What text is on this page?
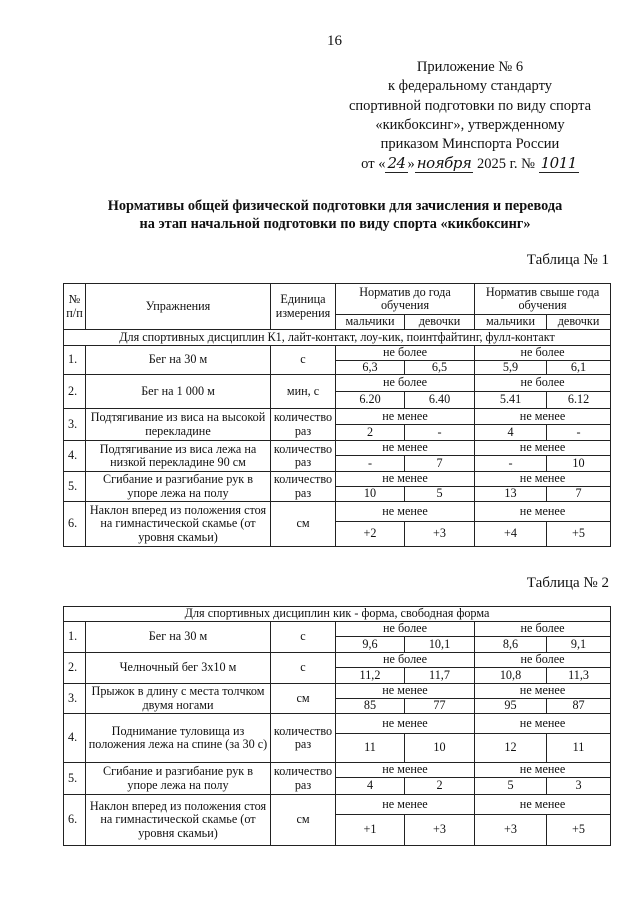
16
Приложение № 6
к федеральному стандарту
спортивной подготовки по виду спорта
«кикбоксинг», утвержденному
приказом Минспорта России
от « 24 » ноября 2025 г. № 1011
Нормативы общей физической подготовки для зачисления и перевода
на этап начальной подготовки по виду спорта «кикбоксинг»
Таблица № 1
№ п/п	Упражнения	Единица измерения	Норматив до года обучения		Норматив свыше года обучения	
			мальчики	девочки	мальчики	девочки
Для спортивных дисциплин К1, лайт-контакт, лоу-кик, поинтфайтинг, фулл-контакт						
1.	Бег на 30 м	с	не более		не более	
			6,3	6,5	5,9	6,1
2.	Бег на 1 000 м	мин, с	не более		не более	
			6.20	6.40	5.41	6.12
3.	Подтягивание из виса на высокой перекладине	количество раз	не менее		не менее	
			2	-	4	-
4.	Подтягивание из виса лежа на низкой перекладине 90 см	количество раз	не менее		не менее	
			-	7	-	10
5.	Сгибание и разгибание рук в упоре лежа на полу	количество раз	не менее		не менее	
			10	5	13	7
6.	Наклон вперед из положения стоя на гимнастической скамье (от уровня скамьи)	см	не менее		не менее	
			+2	+3	+4	+5
Таблица № 2
Для спортивных дисциплин кик - форма, свободная форма						
1.	Бег на 30 м	с	не более		не более	
			9,6	10,1	8,6	9,1
2.	Челночный бег 3х10 м	с	не более		не более	
			11,2	11,7	10,8	11,3
3.	Прыжок в длину с места толчком двумя ногами	см	не менее		не менее	
			85	77	95	87
4.	Поднимание туловища из положения лежа на спине (за 30 с)	количество раз	не менее		не менее	
			11	10	12	11
5.	Сгибание и разгибание рук в упоре лежа на полу	количество раз	не менее		не менее	
			4	2	5	3
6.	Наклон вперед из положения стоя на гимнастической скамье (от уровня скамьи)	см	не менее		не менее	
			+1	+3	+3	+5
